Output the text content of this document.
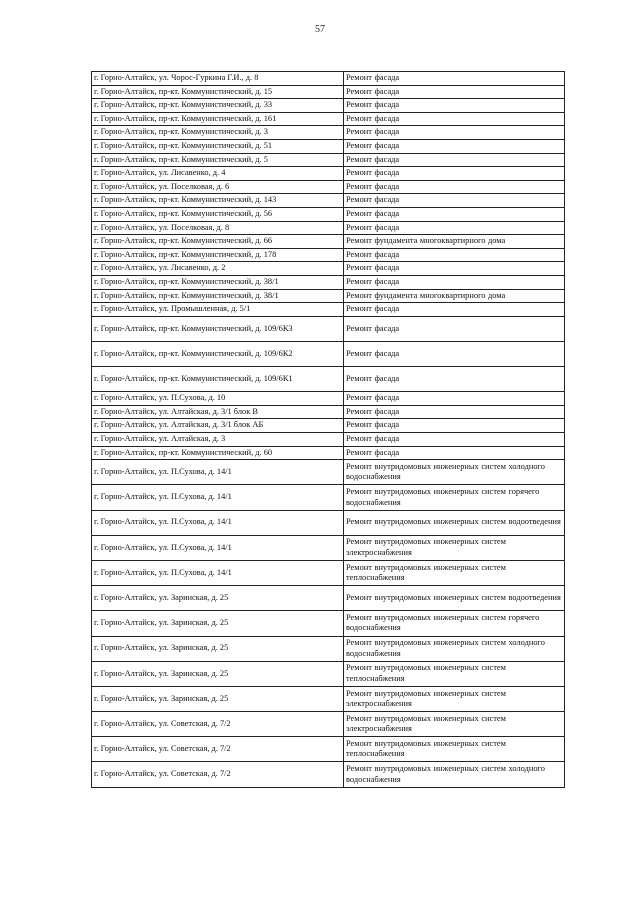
57
г. Горно-Алтайск, ул. Чорос-Гуркина Г.И., д. 8	Ремонт фасада
г. Горно-Алтайск, пр-кт. Коммунистический, д. 15	Ремонт фасада
г. Горно-Алтайск, пр-кт. Коммунистический, д. 33	Ремонт фасада
г. Горно-Алтайск, пр-кт. Коммунистический, д. 161	Ремонт фасада
г. Горно-Алтайск, пр-кт. Коммунистический, д. 3	Ремонт фасада
г. Горно-Алтайск, пр-кт. Коммунистический, д. 51	Ремонт фасада
г. Горно-Алтайск, пр-кт. Коммунистический, д. 5	Ремонт фасада
г. Горно-Алтайск, ул. Лисавенко, д. 4	Ремонт фасада
г. Горно-Алтайск, ул. Поселковая, д. 6	Ремонт фасада
г. Горно-Алтайск, пр-кт. Коммунистический, д. 143	Ремонт фасада
г. Горно-Алтайск, пр-кт. Коммунистический, д. 56	Ремонт фасада
г. Горно-Алтайск, ул. Поселковая, д. 8	Ремонт фасада
г. Горно-Алтайск, пр-кт. Коммунистический, д. 66	Ремонт фундамента многоквартирного дома
г. Горно-Алтайск, пр-кт. Коммунистический, д. 178	Ремонт фасада
г. Горно-Алтайск, ул. Лисавенко, д. 2	Ремонт фасада
г. Горно-Алтайск, пр-кт. Коммунистический, д. 38/1	Ремонт фасада
г. Горно-Алтайск, пр-кт. Коммунистический, д. 38/1	Ремонт фундамента многоквартирного дома
г. Горно-Алтайск, ул. Промышленная, д. 5/1	Ремонт фасада
г. Горно-Алтайск, пр-кт. Коммунистический, д. 109/6К3	Ремонт фасада
г. Горно-Алтайск, пр-кт. Коммунистический, д. 109/6К2	Ремонт фасада
г. Горно-Алтайск, пр-кт. Коммунистический, д. 109/6К1	Ремонт фасада
г. Горно-Алтайск, ул. П.Сухова, д. 10	Ремонт фасада
г. Горно-Алтайск, ул. Алтайская, д. 3/1 блок В	Ремонт фасада
г. Горно-Алтайск, ул. Алтайская, д. 3/1 блок АБ	Ремонт фасада
г. Горно-Алтайск, ул. Алтайская, д. 3	Ремонт фасада
г. Горно-Алтайск, пр-кт. Коммунистический, д. 60	Ремонт фасада
г. Горно-Алтайск, ул. П.Сухова, д. 14/1	Ремонт внутридомовых инженерных систем холодного водоснабжения
г. Горно-Алтайск, ул. П.Сухова, д. 14/1	Ремонт внутридомовых инженерных систем горячего водоснабжения
г. Горно-Алтайск, ул. П.Сухова, д. 14/1	Ремонт внутридомовых инженерных систем водоотведения
г. Горно-Алтайск, ул. П.Сухова, д. 14/1	Ремонт внутридомовых инженерных систем электроснабжения
г. Горно-Алтайск, ул. П.Сухова, д. 14/1	Ремонт внутридомовых инженерных систем теплоснабжения
г. Горно-Алтайск, ул. Заринская, д. 25	Ремонт внутридомовых инженерных систем водоотведения
г. Горно-Алтайск, ул. Заринская, д. 25	Ремонт внутридомовых инженерных систем горячего водоснабжения
г. Горно-Алтайск, ул. Заринская, д. 25	Ремонт внутридомовых инженерных систем холодного водоснабжения
г. Горно-Алтайск, ул. Заринская, д. 25	Ремонт внутридомовых инженерных систем теплоснабжения
г. Горно-Алтайск, ул. Заринская, д. 25	Ремонт внутридомовых инженерных систем электроснабжения
г. Горно-Алтайск, ул. Советская, д. 7/2	Ремонт внутридомовых инженерных систем электроснабжения
г. Горно-Алтайск, ул. Советская, д. 7/2	Ремонт внутридомовых инженерных систем теплоснабжения
г. Горно-Алтайск, ул. Советская, д. 7/2	Ремонт внутридомовых инженерных систем холодного водоснабжения
